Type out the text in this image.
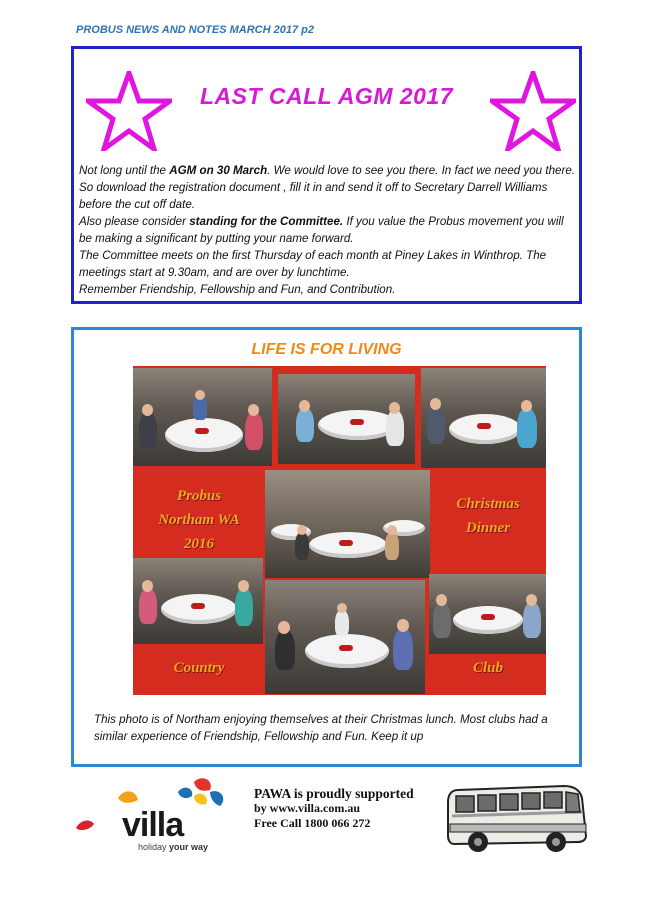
PROBUS NEWS AND NOTES MARCH 2017 p2
LAST CALL AGM 2017
Not long until the AGM on 30 March. We would love to see you there. In fact we need you there. So download the registration document , fill it in and send it off to Secretary Darrell Williams before the cut off date.
Also please consider standing for the Committee. If you value the Probus movement you will be making a significant by putting your name forward.
The Committee meets on the first Thursday of each month at Piney Lakes in Winthrop. The meetings start at 9.30am, and are over by lunchtime.
Remember Friendship, Fellowship and Fun, and Contribution.
LIFE IS FOR LIVING
Probus
Northam WA
2016
Christmas
Dinner
Country	Club
This photo is of Northam enjoying themselves at their Christmas lunch. Most clubs had a similar experience of Friendship, Fellowship and Fun. Keep it up
villa
holiday your way
PAWA is proudly supported
by www.villa.com.au
Free Call 1800 066 272
